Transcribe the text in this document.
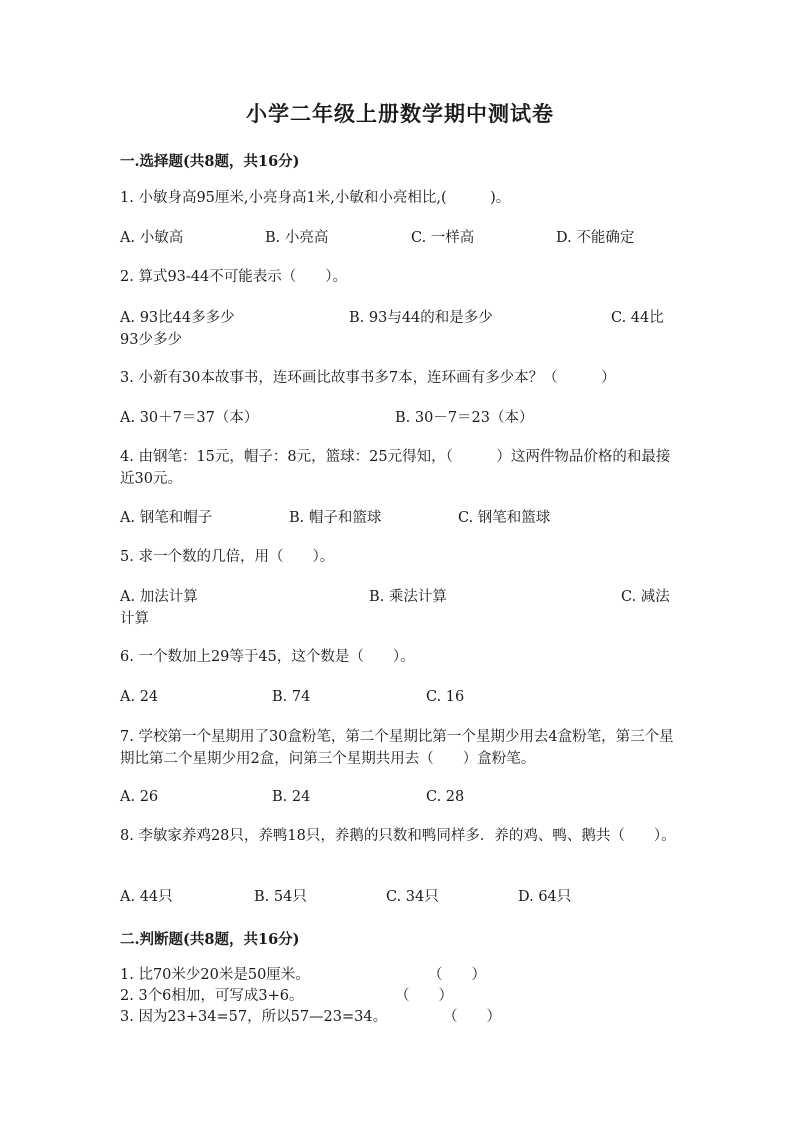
小学二年级上册数学期中测试卷
一.选择题(共8题，共16分)
1. 小敏身高95厘米,小亮身高1米,小敏和小亮相比,(　　　)。
A. 小敏高	B. 小亮高	C. 一样高	D. 不能确定
2. 算式93-44不可能表示（　　）。
A. 93比44多多少	B. 93与44的和是多少	C. 44比
93少多少
3. 小新有30本故事书，连环画比故事书多7本，连环画有多少本？（　　　）
A. 30＋7＝37（本）	B. 30－7＝23（本）
4. 由钢笔：15元，帽子：8元，篮球：25元得知，（　　　）这两件物品价格的和最接近30元。
A. 钢笔和帽子	B. 帽子和篮球	C. 钢笔和篮球
5. 求一个数的几倍，用（　　）。
A. 加法计算	B. 乘法计算	C. 减法
计算
6. 一个数加上29等于45，这个数是（　　）。
A. 24	B. 74	C. 16
7. 学校第一个星期用了30盒粉笔，第二个星期比第一个星期少用去4盒粉笔，第三个星期比第二个星期少用2盒，问第三个星期共用去（　　）盒粉笔。
A. 26	B. 24	C. 28
8. 李敏家养鸡28只，养鸭18只，养鹅的只数和鸭同样多．养的鸡、鸭、鹅共（　　）。
A. 44只	B. 54只	C. 34只	D. 64只
二.判断题(共8题，共16分)
1. 比70米少20米是50厘米。	（　　）
2. 3个6相加，可写成3+6。	（　　）
3. 因为23+34=57，所以57—23=34。	（　　）
